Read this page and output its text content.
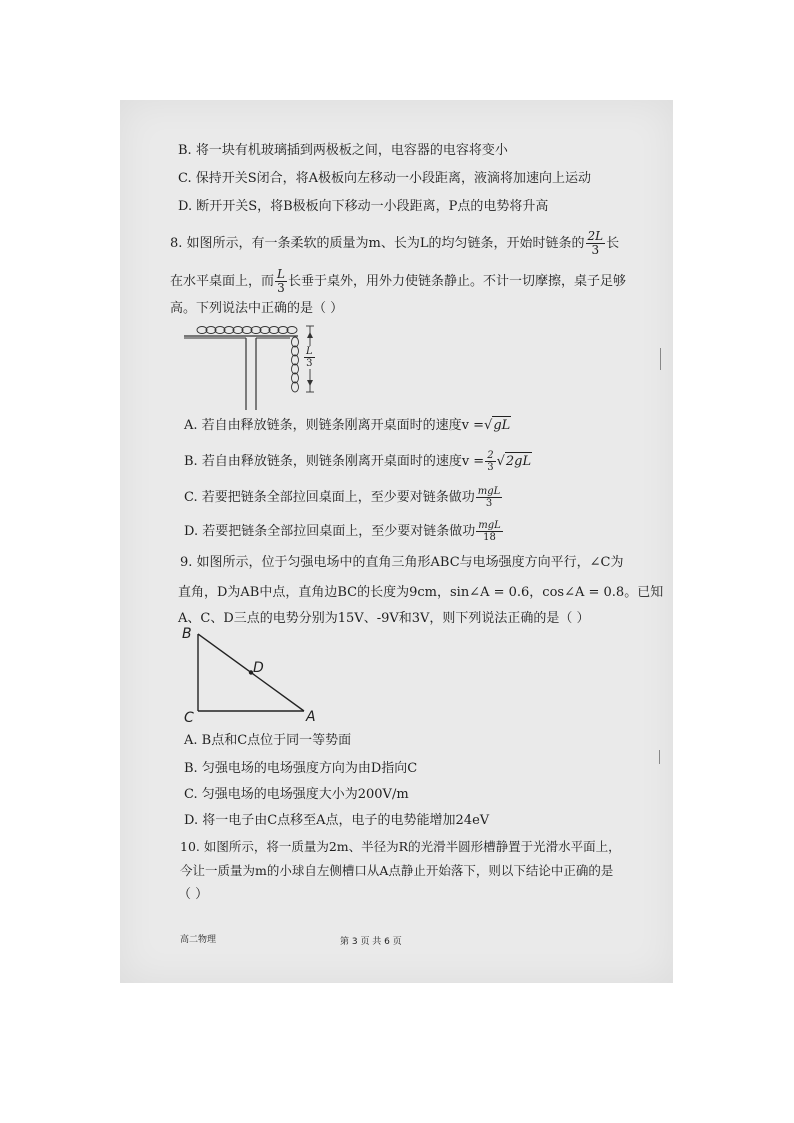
B. 将一块有机玻璃插到两极板之间，电容器的电容将变小
C. 保持开关S闭合，将A极板向左移动一小段距离，液滴将加速向上运动
D. 断开开关S，将B极板向下移动一小段距离，P点的电势将升高
8. 如图所示，有一条柔软的质量为m、长为L的均匀链条，开始时链条的 $\frac{2L}{3}$ 长
在水平桌面上，而 $\frac{L}{3}$ 长垂于桌外，用外力使链条静止。不计一切摩擦，桌子足够
高。下列说法中正确的是（ ）
$\frac{L}{3}$
A. 若自由释放链条，则链条刚离开桌面时的速度v =√gL
B. 若自由释放链条，则链条刚离开桌面时的速度$v = \frac{2}{3} √2gL$
C. 若要把链条全部拉回桌面上，至少要对链条做功 $\frac{\text{mgL}}{3}$
D. 若要把链条全部拉回桌面上，至少要对链条做功 $\frac{\text{mgL}}{18}$
9. 如图所示，位于匀强电场中的直角三角形ABC与电场强度方向平行，∠C为
直角，D为AB中点，直角边BC的长度为9cm，sin∠A = 0.6，cos∠A = 0.8。已知
A、C、D三点的电势分别为15V、-9V和3V，则下列说法正确的是（ ）
B
C	A
D
A. B点和C点位于同一等势面
B. 匀强电场的电场强度方向为由D指向C
C. 匀强电场的电场强度大小为200V/m
D. 将一电子由C点移至A点，电子的电势能增加24eV
10. 如图所示，将一质量为2m、半径为R的光滑半圆形槽静置于光滑水平面上，
今让一质量为m的小球自左侧槽口从A点静止开始落下，则以下结论中正确的是
（ ）
高二物理	第 3 页 共 6 页
